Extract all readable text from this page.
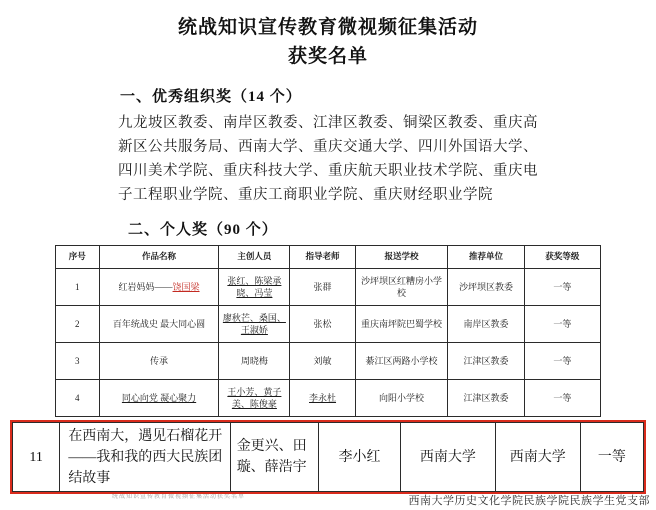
统战知识宣传教育微视频征集活动
获奖名单
一、优秀组织奖（14 个）
九龙坡区教委、南岸区教委、江津区教委、铜梁区教委、重庆高新区公共服务局、西南大学、重庆交通大学、四川外国语大学、四川美术学院、重庆科技大学、重庆航天职业技术学院、重庆电子工程职业学院、重庆工商职业学院、重庆财经职业学院
二、个人奖（90 个）
序号	作品名称	主创人员	指导老师	报送学校	推荐单位	获奖等级
1	红岩妈妈——饶国梁	张红、陈梁承晓、冯莹	张群	沙坪坝区红糟房小学校	沙坪坝区教委	一等
2	百年统战史 最大同心圆	廖秋芒、桑国、王淑娇	张松	重庆南坪院巴蜀学校	南岸区教委	一等
3	传承	周晓梅	刘敏	綦江区两路小学校	江津区教委	一等
4	同心向党 凝心聚力	王小芳、黄子美、陈俊豪	李永杜	向阳小学校	江津区教委	一等
统战知识宣传教育微视频征集活动获奖名单
11	在西南大，遇见石榴花开——我和我的西大民族团结故事	金更兴、田璇、薛浩宇	李小红	西南大学	西南大学	一等
西南大学历史文化学院民族学院民族学生党支部
